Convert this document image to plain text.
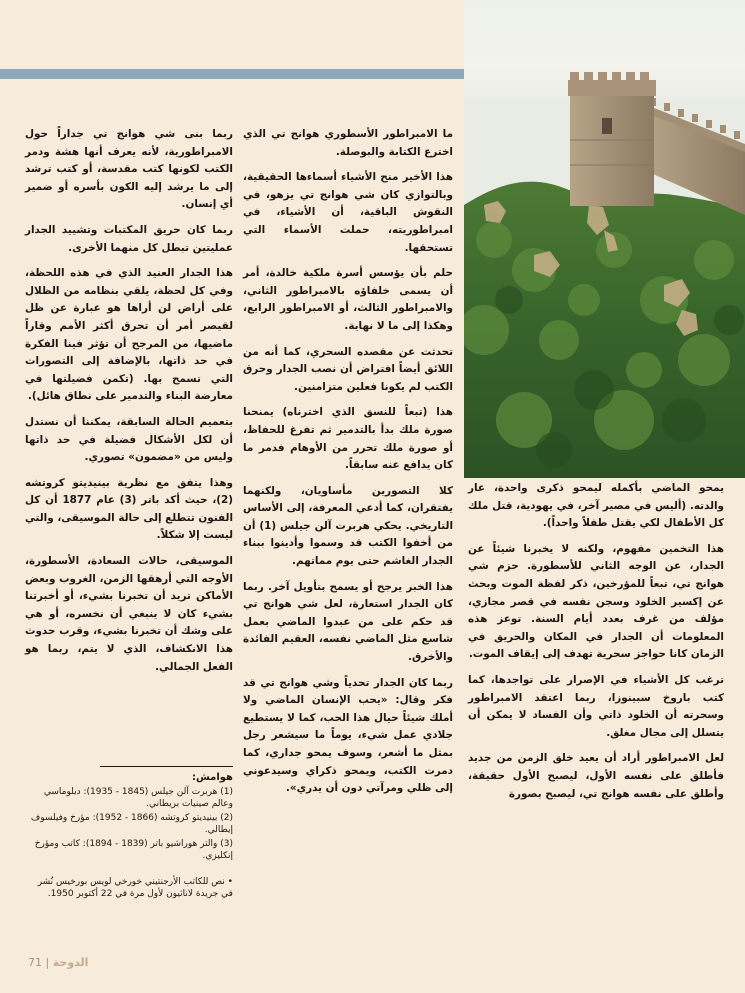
يمحو الماضي بأكمله ليمحو ذكرى واحدة، عار والدته. (أليس في مصير آخر، في يهودية، قتل ملك كل الأطفال لكي يقتل طفلاً واحداً).

هذا التخمين مفهوم، ولكنه لا يخبرنا شيئاً عن الجدار، عن الوجه الثاني للأسطورة. حزم شي هوانج تي، تبعاً للمؤرخين، ذكر لفظة الموت وبحث عن إكسير الخلود وسجن نفسه في قصر مجازي، مؤلف من غرف بعدد أيام السنة. توعز هذه المعلومات أن الجدار في المكان والحريق في الزمان كانا حواجز سحرية تهدف إلى إيقاف الموت.

ترغب كل الأشياء في الإصرار على تواجدها، كما كتب باروخ سبينوزا، ربما اعتقد الامبراطور وسحرته أن الخلود ذاتي وأن الفساد لا يمكن أن يتسلل إلى مجال مغلق.

لعل الامبراطور أراد أن يعيد خلق الزمن من جديد فأطلق على نفسه الأول، ليصبح الأول حقيقة، وأطلق على نفسه هوانج تي، ليصبح بصورة

ما الامبراطور الأسطوري هوانج تي الذي اخترع الكتابة والبوصلة.

هذا الأخير منح الأشياء أسماءها الحقيقية، وبالتوازي كان شي هوانج تي يزهو، في النقوش الباقية، أن الأشياء، في امبراطوريته، حملت الأسماء التي تستحقها.

حلم بأن يؤسس أسرة ملكية خالدة، أمر أن يسمى خلفاؤه بالامبراطور الثاني، والامبراطور الثالث، أو الامبراطور الرابع، وهكذا إلى ما لا نهاية.

تحدثت عن مقصده السحري، كما أنه من اللائق أيضاً افتراض أن نصب الجدار وحرق الكتب لم يكونا فعلين متزامنين.

هذا (تبعاً للنسق الذي اخترناه) يمنحنا صورة ملك بدأ بالتدمير ثم تفرغ للحفاظ، أو صورة ملك تحرر من الأوهام فدمر ما كان يدافع عنه سابقاً.

كلا التصورين مأساويان، ولكنهما يفتقران، كما أدعي المعرفة، إلى الأساس التاريخي. يحكي هربرت آلن جيلس (1) أن من أخفوا الكتب قد وسموا وأدينوا ببناء الجدار الغاشم حتى يوم مماتهم.

هذا الخبر يرجح أو يسمح بتأويل آخر. ربما كان الجدار استعارة، لعل شي هوانج تي قد حكم على من عبدوا الماضي بعمل شاسع مثل الماضي نفسه، العقيم الفائدة والأخرق.

ربما كان الجدار تحدياً وشي هوانج تي قد فكر وقال: «يحب الإنسان الماضي ولا أملك شيئاً حيال هذا الحب، كما لا يستطيع جلادي عمل شيء، يوماً ما سيشعر رجل بمثل ما أشعر، وسوف يمحو جداري، كما دمرت الكتب، ويمحو ذكراي وسيدعوني إلى ظلي ومرآتي دون أن يدري».

ربما بنى شي هوانج تي جداراً حول الامبراطورية، لأنه يعرف أنها هشة ودمر الكتب لكونها كتب مقدسة، أو كتب ترشد إلى ما يرشد إليه الكون بأسره أو ضمير أي إنسان.

ربما كان حريق المكتبات وتشييد الجدار عمليتين تبطل كل منهما الأخرى.

هذا الجدار العنيد الذي في هذه اللحظة، وفي كل لحظة، يلقي بنظامه من الظلال على أراض لن أراها هو عبارة عن ظل لقيصر أمر أن تحرق أكثر الأمم وقاراً ماضيها، من المرجح أن تؤثر فينا الفكرة في حد ذاتها، بالإضافة إلى التصورات التي تسمح بها. (تكمن فضيلتها في معارضة البناء والتدمير على نطاق هائل).

بتعميم الحالة السابقة، يمكننا أن نستدل أن لكل الأشكال فضيلة في حد ذاتها وليس من «مضمون» تصوري.

وهذا يتفق مع نظرية بينيديتو كروتشه (2)، حيث أكد باتر (3) عام 1877 أن كل الفنون تتطلع إلى حالة الموسيقى، والتي ليست إلا شكلاً.

الموسيقى، حالات السعادة، الأسطورة، الأوجه التي أرهقها الزمن، الغروب وبعض الأماكن تريد أن تخبرنا بشيء، أو أخبرتنا بشيء كان لا ينبغي أن نخسره، أو هي على وشك أن تخبرنا بشيء، وقرب حدوث هذا الانكشاف، الذي لا يتم، ربما هو الفعل الجمالي.

هوامش:

(1) هربرت آلن جيلس (1845 - 1935): دبلوماسي وعالم صينيات بريطاني.

(2) بينيديتو كروتشه (1866 - 1952): مؤرخ وفيلسوف إيطالي.

(3) والتر هوراشيو باتر (1839 - 1894): كاتب ومؤرخ إنكليزي.

• نص للكاتب الأرجنتيني خورخي لويس بورخيس نُشر في جريدة لاناثيون لأول مرة في 22 أكتوبر 1950.

71 | الدوحة
